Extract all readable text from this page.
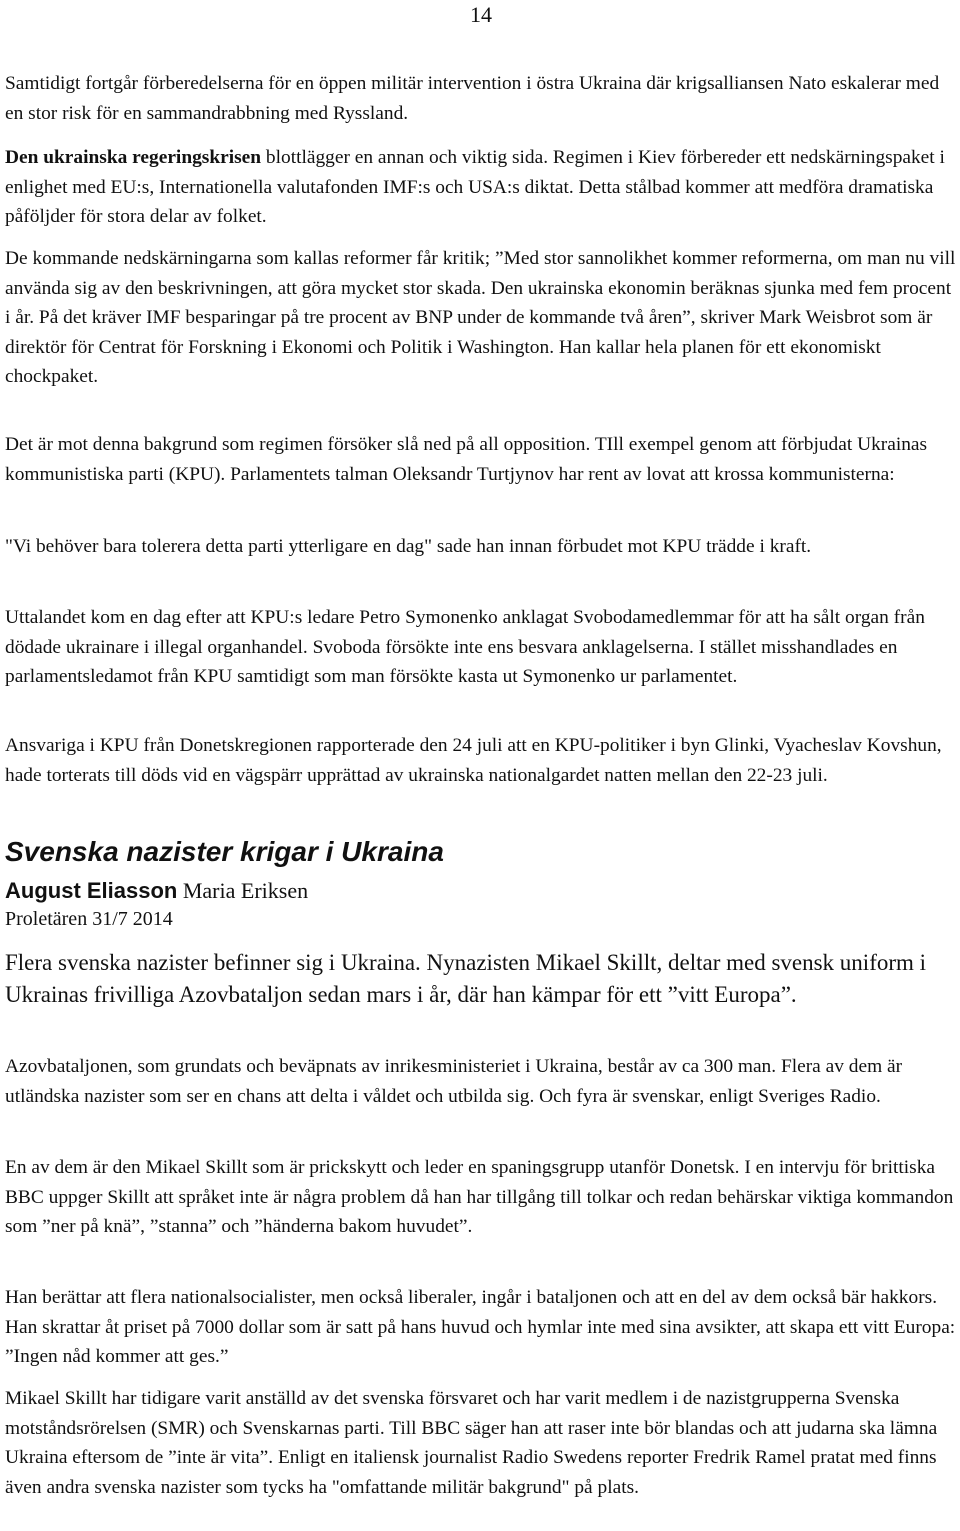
14

Samtidigt fortgår förberedelserna för en öppen militär intervention i östra Ukraina där krigsalliansen Nato eskalerar med en stor risk för en sammandrabbning med Ryssland.

Den ukrainska regeringskrisen blottlägger en annan och viktig sida. Regimen i Kiev förbereder ett nedskärningspaket i enlighet med EU:s, Internationella valutafonden IMF:s och USA:s diktat. Detta stålbad kommer att medföra dramatiska påföljder för stora delar av folket.

De kommande nedskärningarna som kallas reformer får kritik; ”Med stor sannolikhet kommer reformerna, om man nu vill använda sig av den beskrivningen, att göra mycket stor skada. Den ukrainska ekonomin beräknas sjunka med fem procent i år. På det kräver IMF besparingar på tre procent av BNP under de kommande två åren”, skriver Mark Weisbrot som är direktör för Centrat för Forskning i Ekonomi och Politik i Washington. Han kallar hela planen för ett ekonomiskt chockpaket.

Det är mot denna bakgrund som regimen försöker slå ned på all opposition. TIll exempel genom att förbjudat Ukrainas kommunistiska parti (KPU). Parlamentets talman Oleksandr Turtjynov har rent av lovat att krossa kommunisterna:

"Vi behöver bara tolerera detta parti ytterligare en dag" sade han innan förbudet mot KPU trädde i kraft.

Uttalandet kom en dag efter att KPU:s ledare Petro Symonenko anklagat Svobodamedlemmar för att ha sålt organ från dödade ukrainare i illegal organhandel. Svoboda försökte inte ens besvara anklagelserna. I stället misshandlades en parlamentsledamot från KPU samtidigt som man försökte kasta ut Symonenko ur parlamentet.

Ansvariga i KPU från Donetskregionen rapporterade den 24 juli att en KPU-politiker i byn Glinki, Vyacheslav Kovshun, hade torterats till döds vid en vägspärr upprättad av ukrainska nationalgardet natten mellan den 22-23 juli.

Svenska nazister krigar i Ukraina

August Eliasson Maria Eriksen

Proletären 31/7 2014

Flera svenska nazister befinner sig i Ukraina. Nynazisten Mikael Skillt, deltar med svensk uniform i Ukrainas frivilliga Azovbataljon sedan mars i år, där han kämpar för ett ”vitt Europa”.

Azovbataljonen, som grundats och beväpnats av inrikesministeriet i Ukraina, består av ca 300 man. Flera av dem är utländska nazister som ser en chans att delta i våldet och utbilda sig. Och fyra är svenskar, enligt Sveriges Radio.

En av dem är den Mikael Skillt som är prickskytt och leder en spaningsgrupp utanför Donetsk. I en intervju för brittiska BBC uppger Skillt att språket inte är några problem då han har tillgång till tolkar och redan behärskar viktiga kommandon som ”ner på knä”, ”stanna” och ”händerna bakom huvudet”.

Han berättar att flera nationalsocialister, men också liberaler, ingår i bataljonen och att en del av dem också bär hakkors. Han skrattar åt priset på 7000 dollar som är satt på hans huvud och hymlar inte med sina avsikter, att skapa ett vitt Europa: ”Ingen nåd kommer att ges.”

Mikael Skillt har tidigare varit anställd av det svenska försvaret och har varit medlem i de nazistgrupperna Svenska motståndsrörelsen (SMR) och Svenskarnas parti. Till BBC säger han att raser inte bör blandas och att judarna ska lämna Ukraina eftersom de ”inte är vita”. Enligt en italiensk journalist Radio Swedens reporter Fredrik Ramel pratat med finns även andra svenska nazister som tycks ha "omfattande militär bakgrund" på plats.
